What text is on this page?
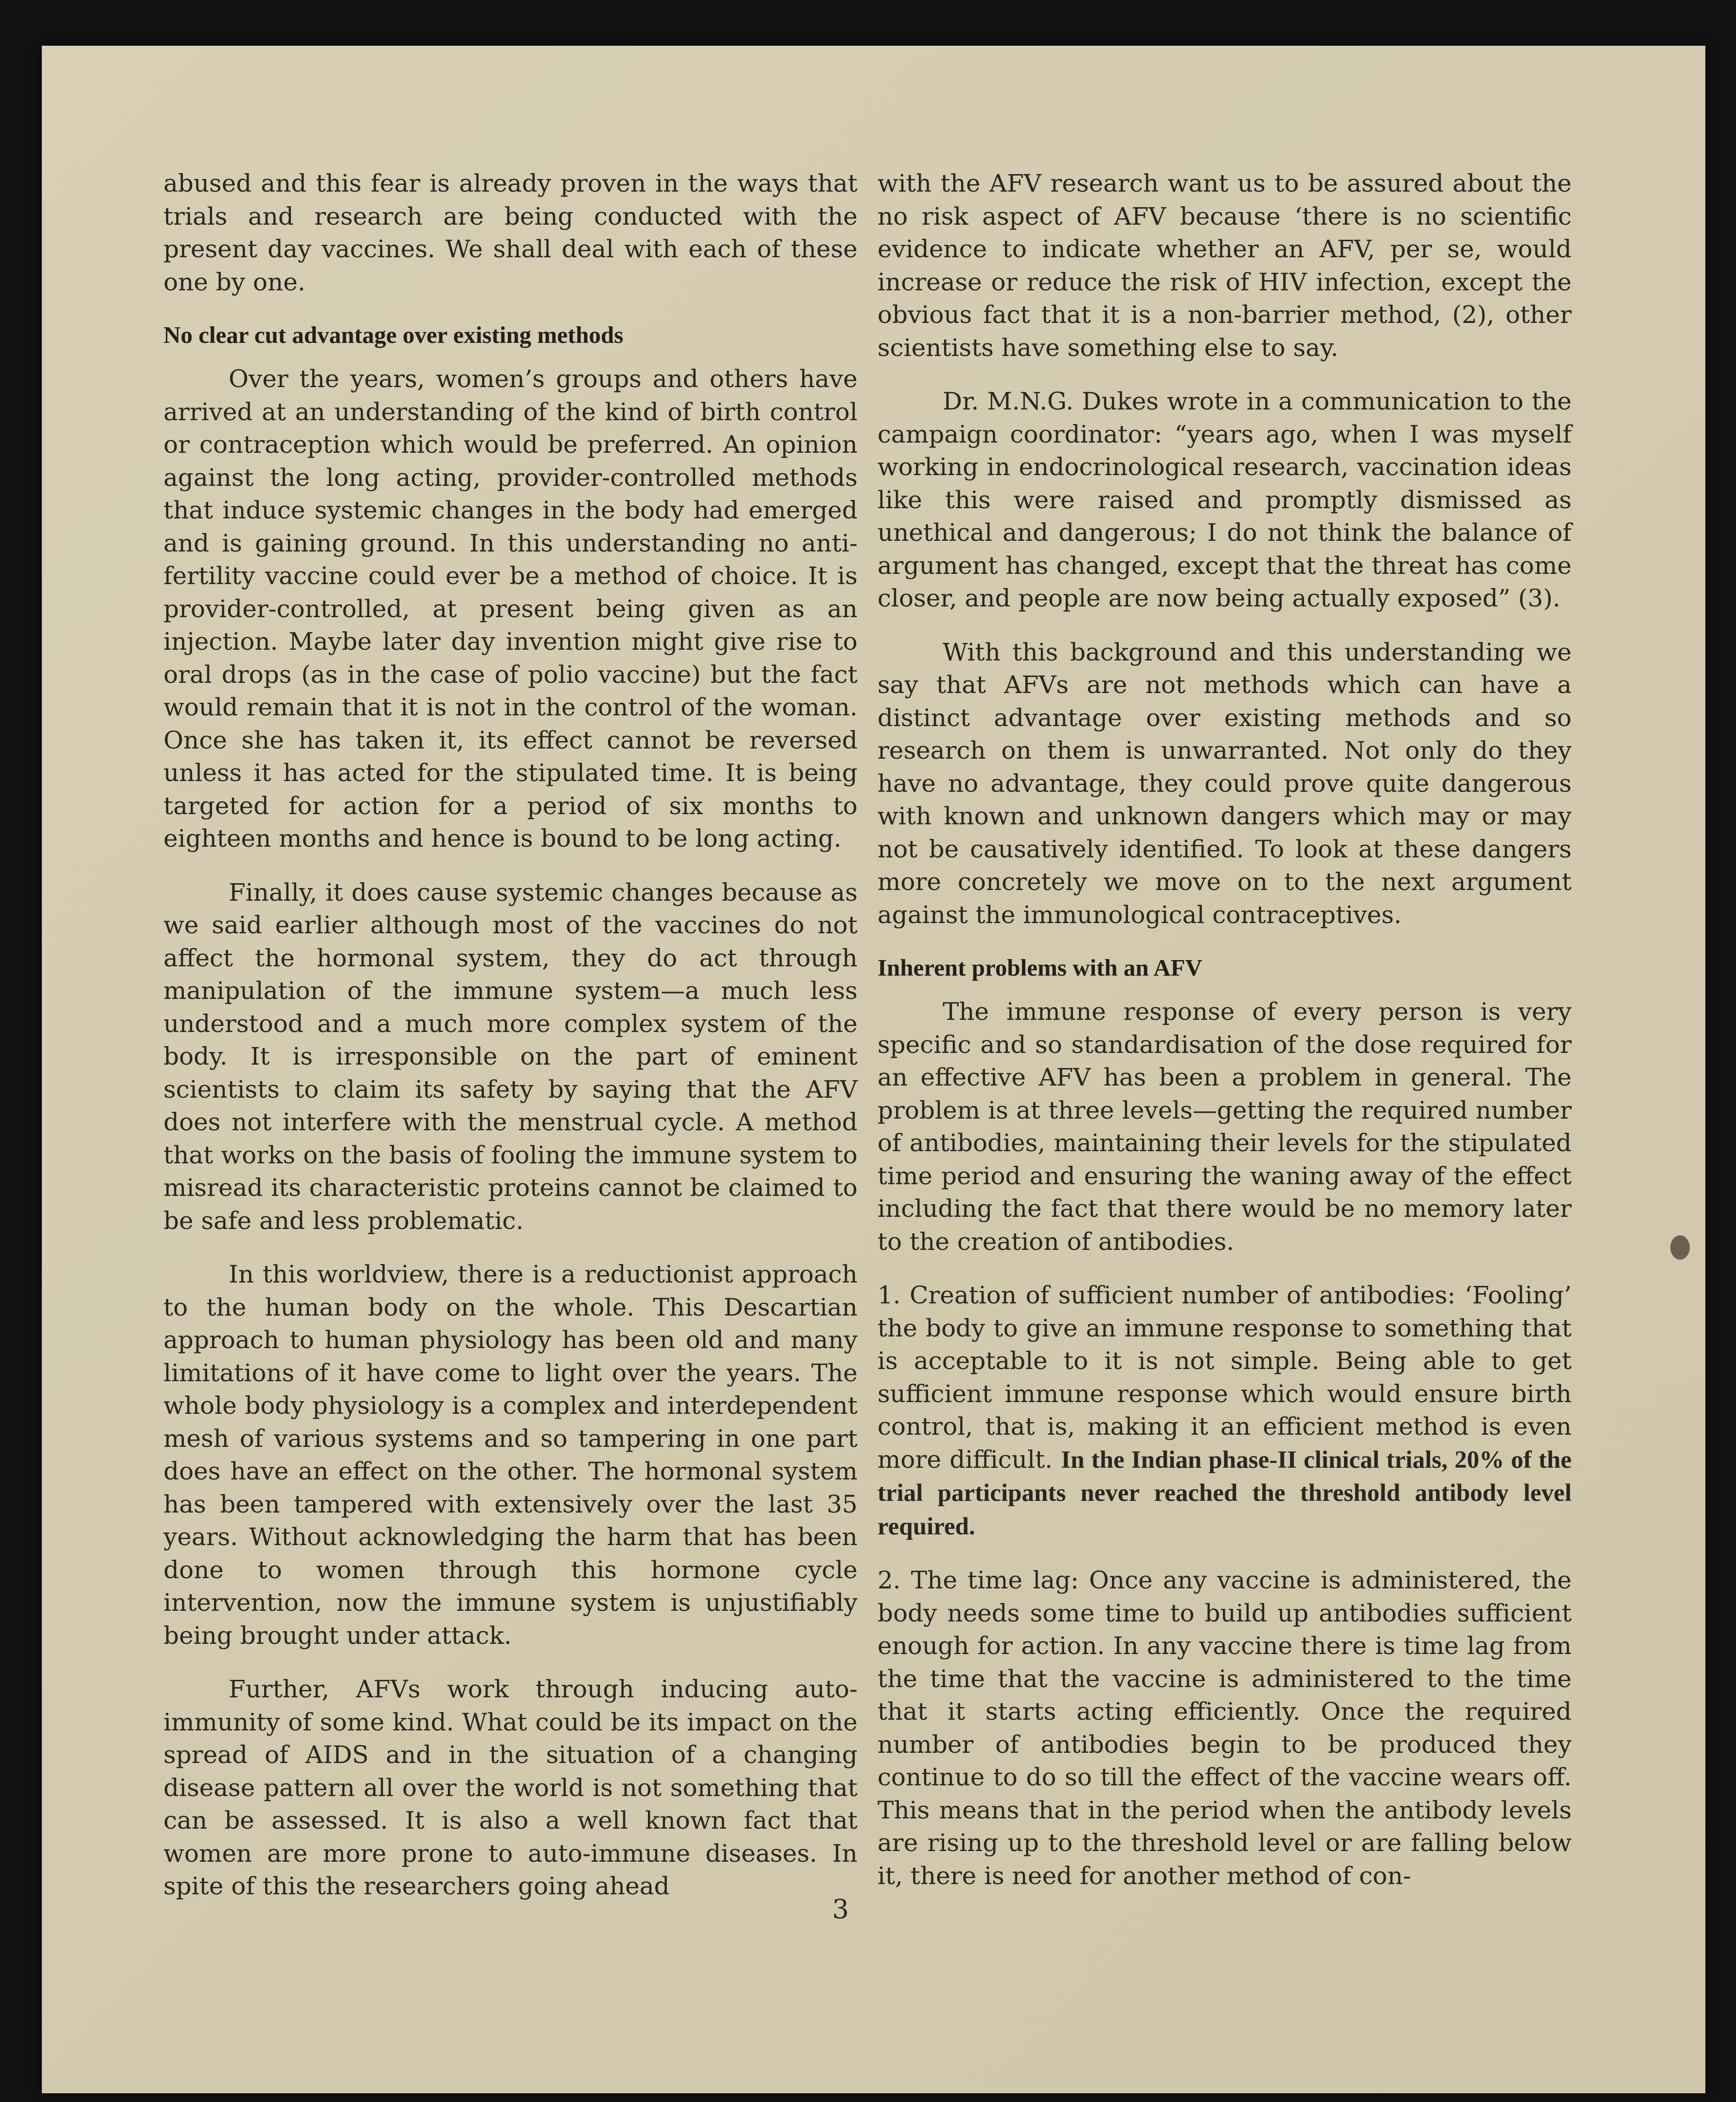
abused and this fear is already proven in the ways that trials and research are being conducted with the present day vaccines. We shall deal with each of these one by one.

No clear cut advantage over existing methods

Over the years, women’s groups and others have arrived at an understanding of the kind of birth control or contraception which would be preferred. An opinion against the long acting, provider-controlled methods that induce systemic changes in the body had emerged and is gaining ground. In this understanding no anti-fertility vaccine could ever be a method of choice. It is provider-controlled, at present being given as an injection. Maybe later day invention might give rise to oral drops (as in the case of polio vaccine) but the fact would remain that it is not in the control of the woman. Once she has taken it, its effect cannot be reversed unless it has acted for the stipulated time. It is being targeted for action for a period of six months to eighteen months and hence is bound to be long acting.

Finally, it does cause systemic changes because as we said earlier although most of the vaccines do not affect the hormonal system, they do act through manipulation of the immune system—a much less understood and a much more complex system of the body. It is irresponsible on the part of eminent scientists to claim its safety by saying that the AFV does not interfere with the menstrual cycle. A method that works on the basis of fooling the immune system to misread its characteristic proteins cannot be claimed to be safe and less problematic.

In this worldview, there is a reductionist approach to the human body on the whole. This Descartian approach to human physiology has been old and many limitations of it have come to light over the years. The whole body physiology is a complex and interdependent mesh of various systems and so tampering in one part does have an effect on the other. The hormonal system has been tampered with extensively over the last 35 years. Without acknowledging the harm that has been done to women through this hormone cycle intervention, now the immune system is unjustifiably being brought under attack.

Further, AFVs work through inducing auto-immunity of some kind. What could be its impact on the spread of AIDS and in the situation of a changing disease pattern all over the world is not something that can be assessed. It is also a well known fact that women are more prone to auto-immune diseases. In spite of this the researchers going ahead

with the AFV research want us to be assured about the no risk aspect of AFV because ‘there is no scientific evidence to indicate whether an AFV, per se, would increase or reduce the risk of HIV infection, except the obvious fact that it is a non-barrier method, (2), other scientists have something else to say.

Dr. M.N.G. Dukes wrote in a communication to the campaign coordinator: “years ago, when I was myself working in endocrinological research, vaccination ideas like this were raised and promptly dismissed as unethical and dangerous; I do not think the balance of argument has changed, except that the threat has come closer, and people are now being actually exposed” (3).

With this background and this understanding we say that AFVs are not methods which can have a distinct advantage over existing methods and so research on them is unwarranted. Not only do they have no advantage, they could prove quite dangerous with known and unknown dangers which may or may not be causatively identified. To look at these dangers more concretely we move on to the next argument against the immunological contraceptives.

Inherent problems with an AFV

The immune response of every person is very specific and so standardisation of the dose required for an effective AFV has been a problem in general. The problem is at three levels—getting the required number of antibodies, maintaining their levels for the stipulated time period and ensuring the waning away of the effect including the fact that there would be no memory later to the creation of antibodies.

1. Creation of sufficient number of antibodies: ‘Fooling’ the body to give an immune response to something that is acceptable to it is not simple. Being able to get sufficient immune response which would ensure birth control, that is, making it an efficient method is even more difficult. In the Indian phase-II clinical trials, 20% of the trial participants never reached the threshold antibody level required.

2. The time lag: Once any vaccine is administered, the body needs some time to build up antibodies sufficient enough for action. In any vaccine there is time lag from the time that the vaccine is administered to the time that it starts acting efficiently. Once the required number of antibodies begin to be produced they continue to do so till the effect of the vaccine wears off. This means that in the period when the antibody levels are rising up to the threshold level or are falling below it, there is need for another method of con-

3
